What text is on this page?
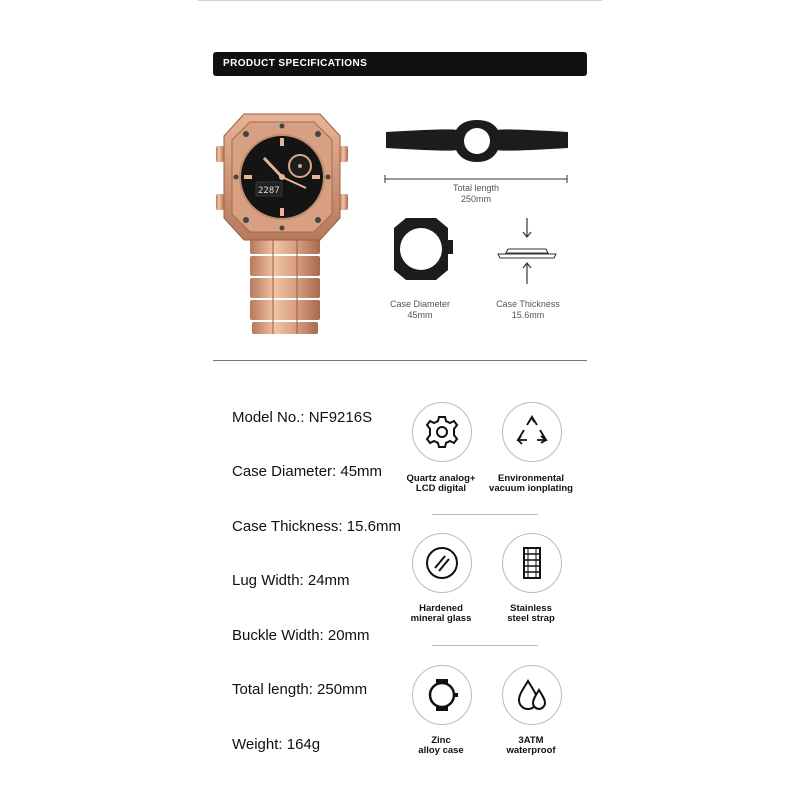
PRODUCT SPECIFICATIONS
2287	Total length
250mm
Case Diameter
45mm
Case Thickness
15.6mm
Model No.: NF9216S
Case Diameter: 45mm
Case Thickness: 15.6mm
Lug Width: 24mm
Buckle Width: 20mm
Total length: 250mm
Weight: 164g
Quartz analog+
LCD digital
Environmental
vacuum ionplating
Hardened
mineral glass
Stainless
steel strap
Zinc
alloy case
3ATM
waterproof
